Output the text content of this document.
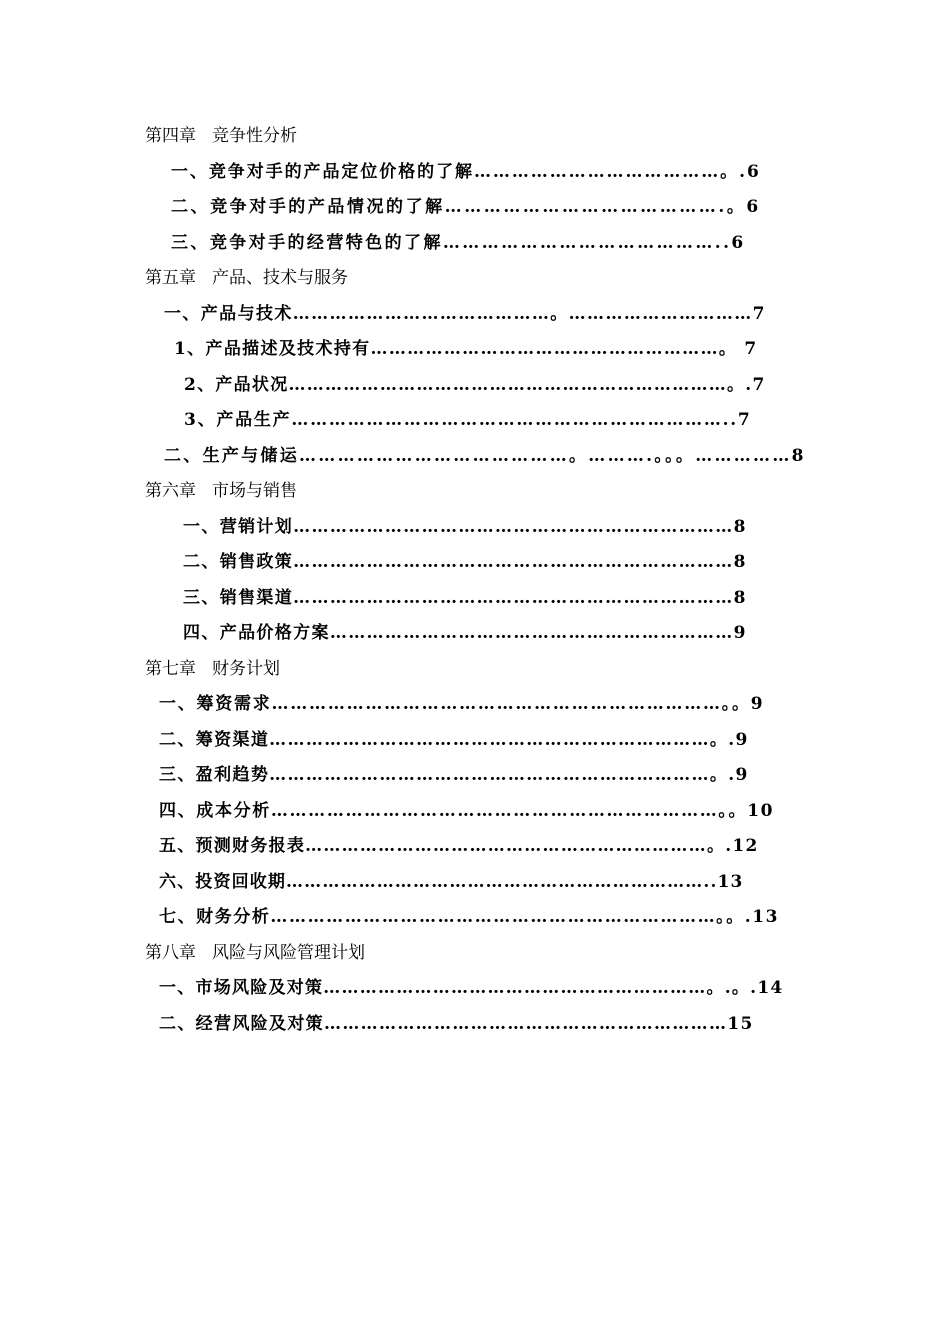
第四章 竞争性分析
一、竞争对手的产品定位价格的了解…………………………………。.6
二、竞争对手的产品情况的了解…………………………………….。6
三、竞争对手的经营特色的了解……………………………………..6
第五章 产品、技术与服务
一、产品与技术……………………………………。…………………………7
1、产品描述及技术持有…………………………………………………。 7
2、产品状况………………………………………………………………。.7
3、产品生产……………………………………………………………..7
二、生产与储运……………………………………。……….。。。……………8
第六章 市场与销售
一、营销计划………………………………………………………………8
二、销售政策………………………………………………………………8
三、销售渠道………………………………………………………………8
四、产品价格方案…………………………………………………………9
第七章 财务计划
一、筹资需求………………………………………………………………。。9
二、筹资渠道………………………………………………………………。.9
三、盈利趋势………………………………………………………………。.9
四、成本分析………………………………………………………………。。10
五、预测财务报表…………………………………………………………。.12
六、投资回收期……………………………………………………………..13
七、财务分析………………………………………………………………。。.13
第八章 风险与风险管理计划
一、市场风险及对策………………………………………………………。.。.14
二、经营风险及对策…………………………………………………………15
